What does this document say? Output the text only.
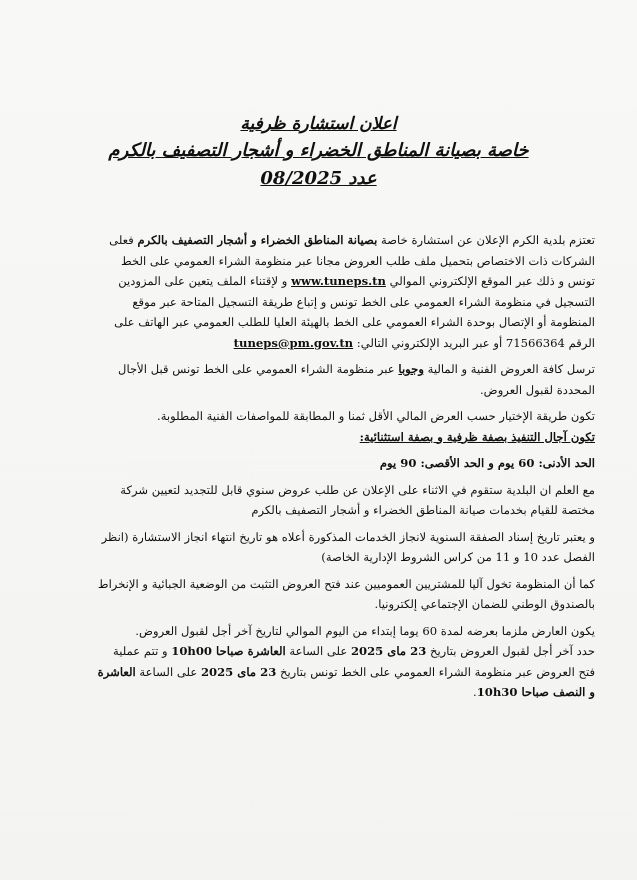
اعلان استشارة ظرفية
خاصة بصيانة المناطق الخضراء و أشجار التصفيف بالكرم
عدد 08/2025

تعتزم بلدية الكرم الإعلان عن استشارة خاصة بصيانة المناطق الخضراء و أشجار التصفيف بالكرم فعلى الشركات ذات الاختصاص بتحميل ملف طلب العروض مجانا عبر منظومة الشراء العمومي على الخط تونس و ذلك عبر الموقع الإلكتروني الموالي www.tuneps.tn و لإقتناء الملف يتعين على المزودين التسجيل في منظومة الشراء العمومي على الخط تونس و إتباع طريقة التسجيل المتاحة عبر موقع المنظومة أو الإتصال بوحدة الشراء العمومي على الخط بالهيئة العليا للطلب العمومي عبر الهاتف على الرقم 71566364 أو عبر البريد الإلكتروني التالي: tuneps@pm.gov.tn

ترسل كافة العروض الفنية و المالية وجوبا عبر منظومة الشراء العمومي على الخط تونس قبل الأجال المحددة لقبول العروض.

تكون طريقة الإختيار حسب العرض المالي الأقل ثمنا و المطابقة للمواصفات الفنية المطلوبة.

تكون آجال التنفيذ بصفة ظرفية و بصفة استثنائية:

الحد الأدنى: 60 يوم و الحد الأقصى: 90 يوم

مع العلم ان البلدية ستقوم في الاثناء على الإعلان عن طلب عروض سنوي قابل للتجديد لتعيين شركة مختصة للقيام بخدمات صيانة المناطق الخضراء و أشجار التصفيف بالكرم

و يعتبر تاريخ إسناد الصفقة السنوية لانجاز الخدمات المذكورة أعلاه هو تاريخ انتهاء انجاز الاستشارة (انظر الفصل عدد 10 و 11 من كراس الشروط الإدارية الخاصة)

كما أن المنظومة تخول آليا للمشتريين العموميين عند فتح العروض التثبت من الوضعية الجبائية و الإنخراط بالصندوق الوطني للضمان الإجتماعي إلكترونيا.

يكون العارض ملزما بعرضه لمدة 60 يوما إبتداء من اليوم الموالي لتاريخ آخر أجل لقبول العروض.

حدد آخر أجل لقبول العروض بتاريخ 23 ماى 2025 على الساعة العاشرة صباحا 10h00 و تتم عملية فتح العروض عبر منظومة الشراء العمومي على الخط تونس بتاريخ 23 ماى 2025 على الساعة العاشرة و النصف صباحا 10h30.
